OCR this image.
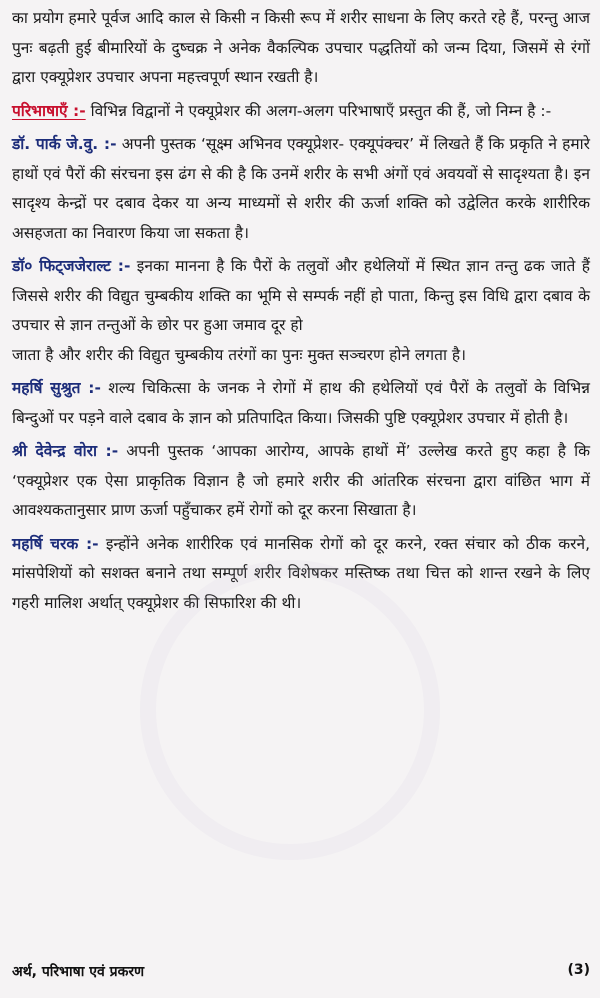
का प्रयोग हमारे पूर्वज आदि काल से किसी न किसी रूप में शरीर साधना के लिए करते रहे हैं, परन्तु आज पुनः बढ़ती हुई बीमारियों के दुष्चक्र ने अनेक वैकल्पिक उपचार पद्धतियों को जन्म दिया, जिसमें से रंगों द्वारा एक्यूप्रेशर उपचार अपना महत्त्वपूर्ण स्थान रखती है।

परिभाषाएँ :- विभिन्न विद्वानों ने एक्यूप्रेशर की अलग-अलग परिभाषाएँ प्रस्तुत की हैं, जो निम्न है :-

डॉ. पार्क जे.वु. :- अपनी पुस्तक ‘सूक्ष्म अभिनव एक्यूप्रेशर- एक्यूपंक्चर’ में लिखते हैं कि प्रकृति ने हमारे हाथों एवं पैरों की संरचना इस ढंग से की है कि उनमें शरीर के सभी अंगों एवं अवयवों से सादृश्यता है। इन सादृश्य केन्द्रों पर दबाव देकर या अन्य माध्यमों से शरीर की ऊर्जा शक्ति को उद्वेलित करके शारीरिक असहजता का निवारण किया जा सकता है।

डॉ० फिट्जजेराल्ट :- इनका मानना है कि पैरों के तलुवों और हथेलियों में स्थित ज्ञान तन्तु ढक जाते हैं जिससे शरीर की विद्युत चुम्बकीय शक्ति का भूमि से सम्पर्क नहीं हो पाता, किन्तु इस विधि द्वारा दबाव के उपचार से ज्ञान तन्तुओं के छोर पर हुआ जमाव दूर हो
जाता है और शरीर की विद्युत चुम्बकीय तरंगों का पुनः मुक्त सञ्चरण होने लगता है।

महर्षि सुश्रुत :- शल्य चिकित्सा के जनक ने रोगों में हाथ की हथेलियों एवं पैरों के तलुवों के विभिन्न बिन्दुओं पर पड़ने वाले दबाव के ज्ञान को प्रतिपादित किया। जिसकी पुष्टि एक्यूप्रेशर उपचार में होती है।

श्री देवेन्द्र वोरा :- अपनी पुस्तक ‘आपका आरोग्य, आपके हाथों में’ उल्लेख करते हुए कहा है कि ‘एक्यूप्रेशर एक ऐसा प्राकृतिक विज्ञान है जो हमारे शरीर की आंतरिक संरचना द्वारा वांछित भाग में आवश्यकतानुसार प्राण ऊर्जा पहुँचाकर हमें रोगों को दूर करना सिखाता है।

महर्षि चरक :- इन्होंने अनेक शारीरिक एवं मानसिक रोगों को दूर करने, रक्त संचार को ठीक करने, मांसपेशियों को सशक्त बनाने तथा सम्पूर्ण शरीर विशेषकर मस्तिष्क तथा चित्त को शान्त रखने के लिए गहरी मालिश अर्थात् एक्यूप्रेशर की सिफारिश की थी।

अर्थ, परिभाषा एवं प्रकरण	(3)
